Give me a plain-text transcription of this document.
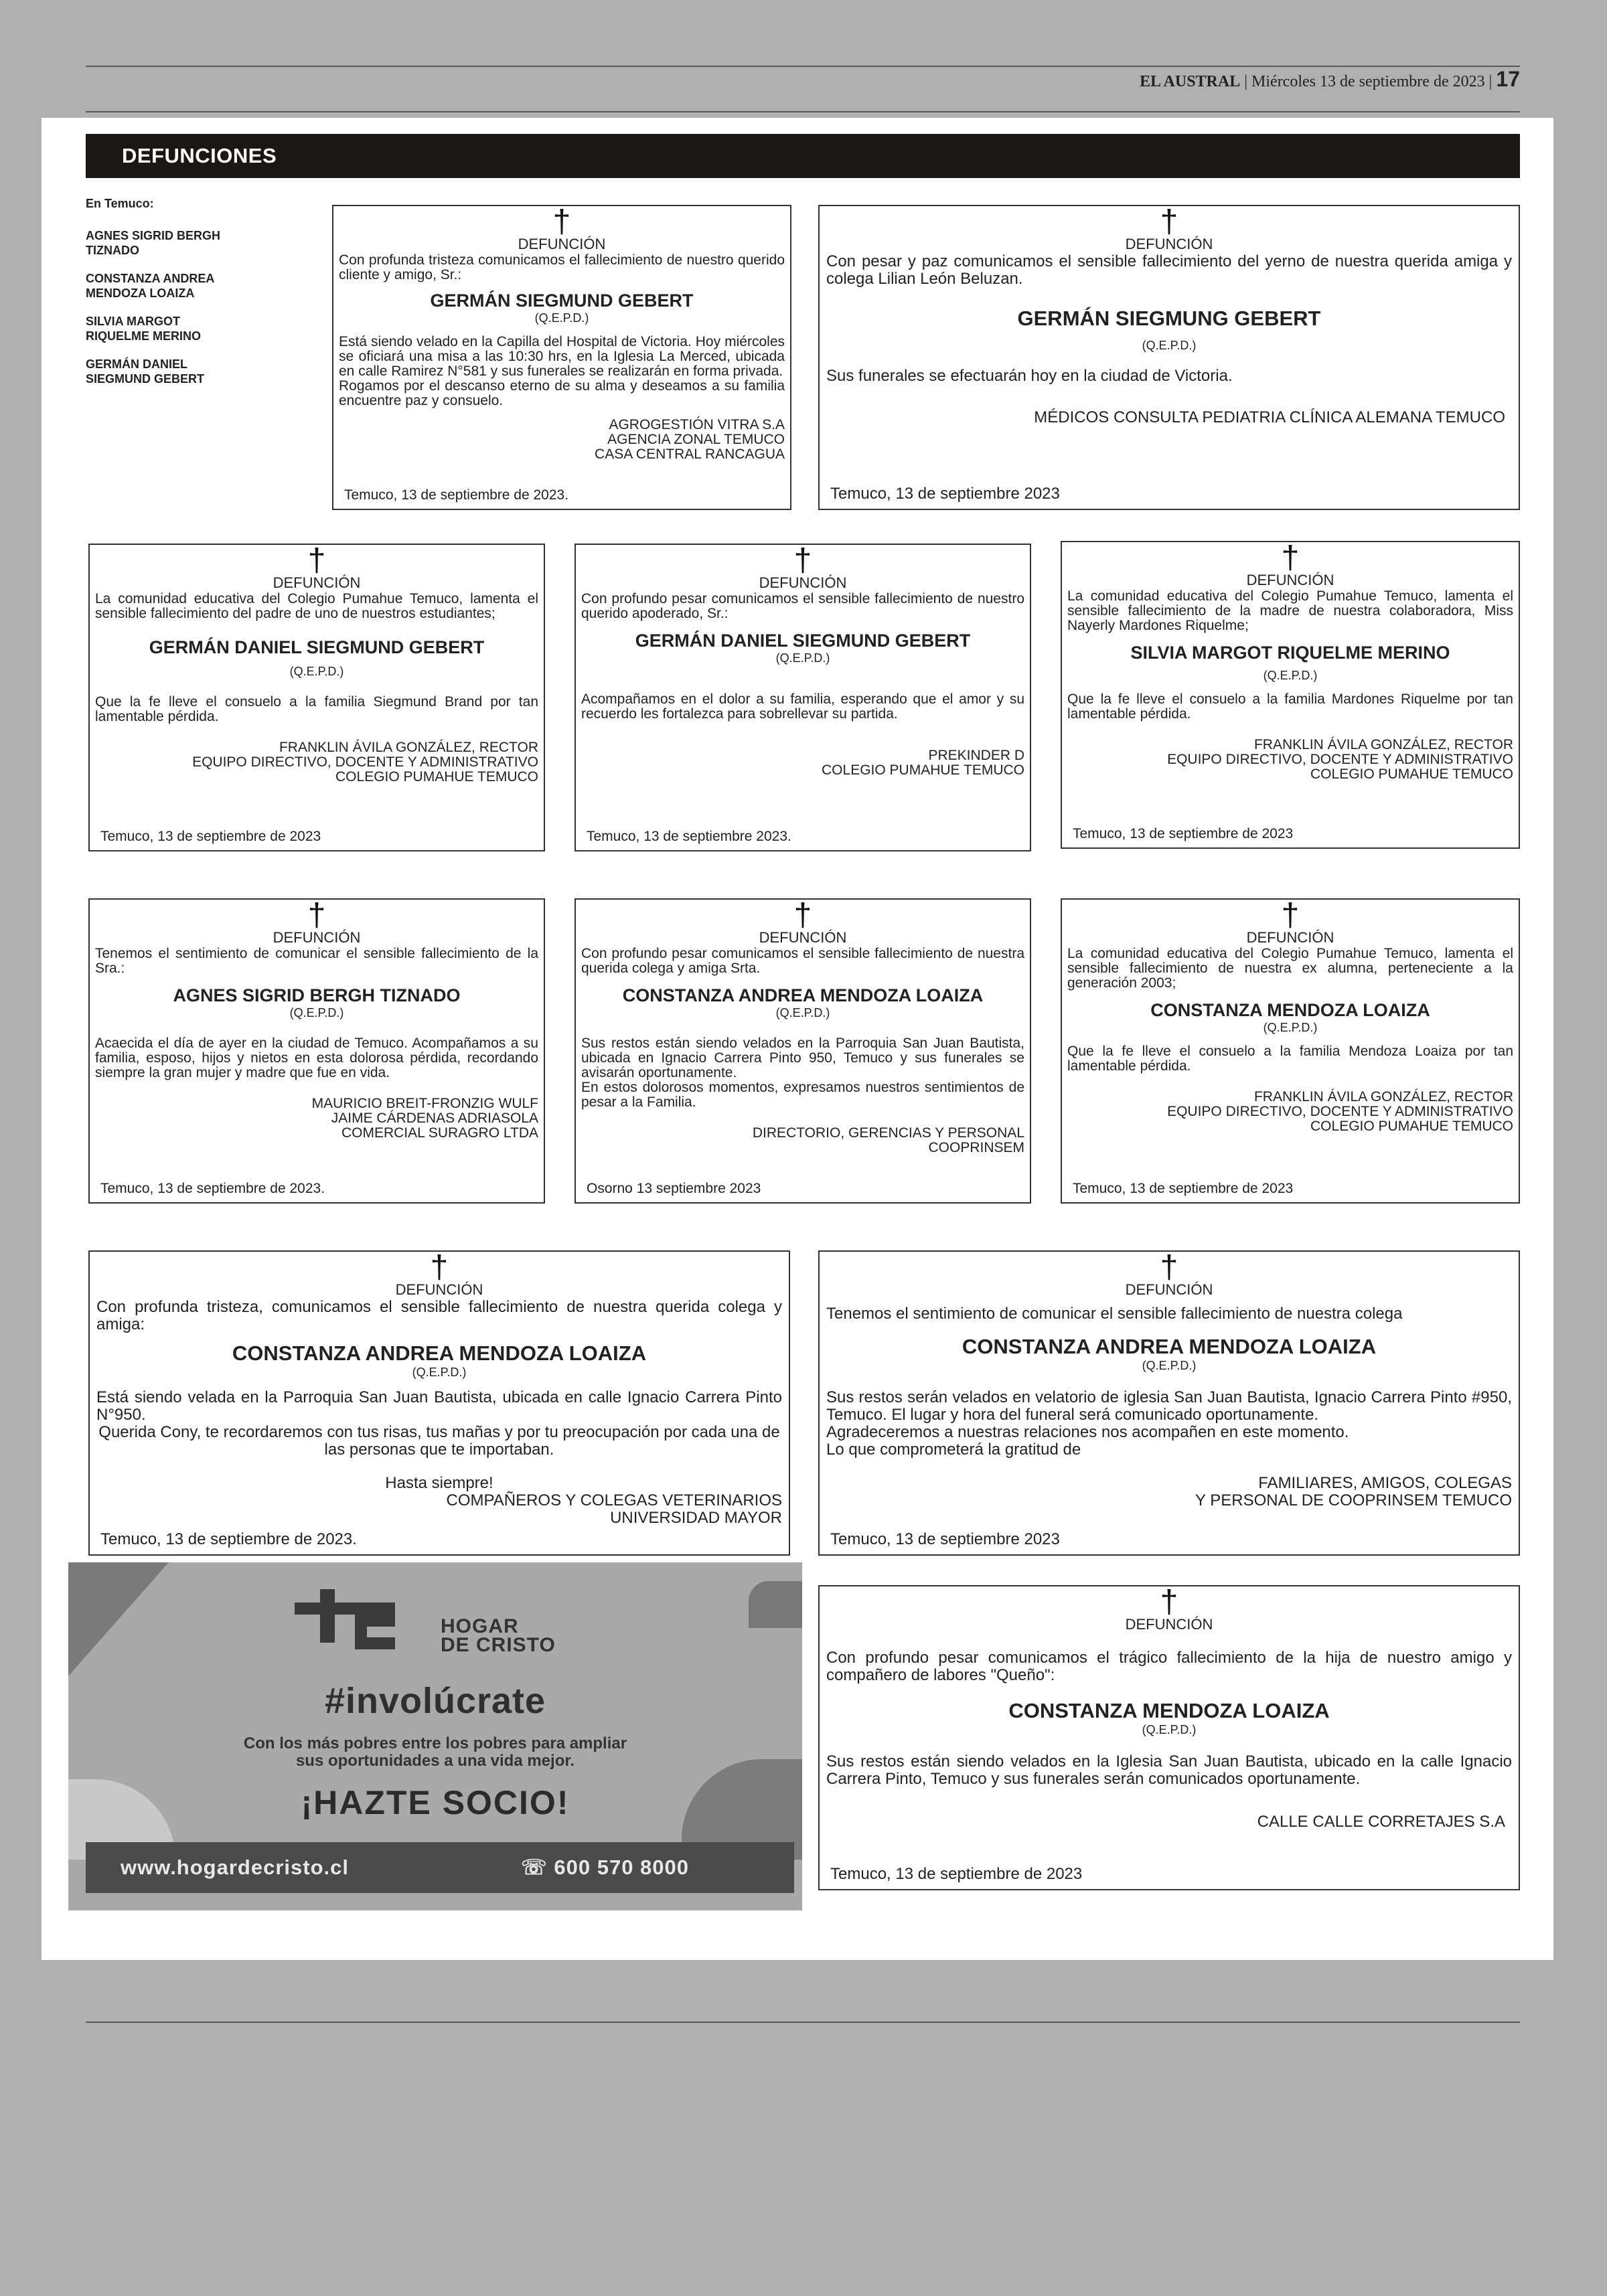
EL AUSTRAL | Miércoles 13 de septiembre de 2023 | 17
DEFUNCIONES
En Temuco:
AGNES SIGRID BERGH TIZNADO
CONSTANZA ANDREA MENDOZA LOAIZA
SILVIA MARGOT RIQUELME MERINO
GERMÁN DANIEL SIEGMUND GEBERT
†
DEFUNCIÓN
Con profunda tristeza comunicamos el fallecimiento de nuestro querido cliente y amigo, Sr.:
GERMÁN SIEGMUND GEBERT
(Q.E.P.D.)
Está siendo velado en la Capilla del Hospital de Victoria. Hoy miércoles se oficiará una misa a las 10:30 hrs, en la Iglesia La Merced, ubicada en calle Ramirez N°581 y sus funerales se realizarán en forma privada.
Rogamos por el descanso eterno de su alma y deseamos a su familia encuentre paz y consuelo.
AGROGESTIÓN VITRA S.A
AGENCIA ZONAL TEMUCO
CASA CENTRAL RANCAGUA
Temuco, 13 de septiembre de 2023.
†
DEFUNCIÓN
Con pesar y paz comunicamos el sensible fallecimiento del yerno de nuestra querida amiga y colega Lilian León Beluzan.
GERMÁN SIEGMUNG GEBERT
(Q.E.P.D.)
Sus funerales se efectuarán hoy en la ciudad de Victoria.
MÉDICOS CONSULTA PEDIATRIA CLÍNICA ALEMANA TEMUCO
Temuco, 13 de septiembre 2023
†
DEFUNCIÓN
La comunidad educativa del Colegio Pumahue Temuco, lamenta el sensible fallecimiento del padre de uno de nuestros estudiantes;
GERMÁN DANIEL SIEGMUND GEBERT
(Q.E.P.D.)
Que la fe lleve el consuelo a la familia Siegmund Brand por tan lamentable pérdida.
FRANKLIN ÁVILA GONZÁLEZ, RECTOR
EQUIPO DIRECTIVO, DOCENTE Y ADMINISTRATIVO
COLEGIO PUMAHUE TEMUCO
Temuco, 13 de septiembre de 2023
†
DEFUNCIÓN
Con profundo pesar comunicamos el sensible fallecimiento de nuestro querido apoderado, Sr.:
GERMÁN DANIEL SIEGMUND GEBERT
(Q.E.P.D.)
Acompañamos en el dolor a su familia, esperando que el amor y su recuerdo les fortalezca para sobrellevar su partida.
PREKINDER D
COLEGIO PUMAHUE TEMUCO
Temuco, 13 de septiembre 2023.
†
DEFUNCIÓN
La comunidad educativa del Colegio Pumahue Temuco, lamenta el sensible fallecimiento de la madre de nuestra colaboradora, Miss Nayerly Mardones Riquelme;
SILVIA MARGOT RIQUELME MERINO
(Q.E.P.D.)
Que la fe lleve el consuelo a la familia Mardones Riquelme por tan lamentable pérdida.
FRANKLIN ÁVILA GONZÁLEZ, RECTOR
EQUIPO DIRECTIVO, DOCENTE Y ADMINISTRATIVO
COLEGIO PUMAHUE TEMUCO
Temuco, 13 de septiembre de 2023
†
DEFUNCIÓN
Tenemos el sentimiento de comunicar el sensible fallecimiento de la Sra.:
AGNES SIGRID BERGH TIZNADO
(Q.E.P.D.)
Acaecida el día de ayer en la ciudad de Temuco. Acompañamos a su familia, esposo, hijos y nietos en esta dolorosa pérdida, recordando siempre la gran mujer y madre que fue en vida.
MAURICIO BREIT-FRONZIG WULF
JAIME CÁRDENAS ADRIASOLA
COMERCIAL SURAGRO LTDA
Temuco, 13 de septiembre de 2023.
†
DEFUNCIÓN
Con profundo pesar comunicamos el sensible fallecimiento de nuestra querida colega y amiga Srta.
CONSTANZA ANDREA MENDOZA LOAIZA
(Q.E.P.D.)
Sus restos están siendo velados en la Parroquia San Juan Bautista, ubicada en Ignacio Carrera Pinto 950, Temuco y sus funerales se avisarán oportunamente.
En estos dolorosos momentos, expresamos nuestros sentimientos de pesar a la Familia.
DIRECTORIO, GERENCIAS Y PERSONAL
COOPRINSEM
Osorno 13 septiembre 2023
†
DEFUNCIÓN
La comunidad educativa del Colegio Pumahue Temuco, lamenta el sensible fallecimiento de nuestra ex alumna, perteneciente a la generación 2003;
CONSTANZA MENDOZA LOAIZA
(Q.E.P.D.)
Que la fe lleve el consuelo a la familia Mendoza Loaiza por tan lamentable pérdida.
FRANKLIN ÁVILA GONZÁLEZ, RECTOR
EQUIPO DIRECTIVO, DOCENTE Y ADMINISTRATIVO
COLEGIO PUMAHUE TEMUCO
Temuco, 13 de septiembre de 2023
†
DEFUNCIÓN
Con profunda tristeza, comunicamos el sensible fallecimiento de nuestra querida colega y amiga:
CONSTANZA ANDREA MENDOZA LOAIZA
(Q.E.P.D.)
Está siendo velada en la Parroquia San Juan Bautista, ubicada en calle Ignacio Carrera Pinto N°950.
Querida Cony, te recordaremos con tus risas, tus mañas y por tu preocupación por cada una de las personas que te importaban.
Hasta siempre!
COMPAÑEROS Y COLEGAS VETERINARIOS
UNIVERSIDAD MAYOR
Temuco, 13 de septiembre de 2023.
†
DEFUNCIÓN
Tenemos el sentimiento de comunicar el sensible fallecimiento de nuestra colega
CONSTANZA ANDREA MENDOZA LOAIZA
(Q.E.P.D.)
Sus restos serán velados en velatorio de iglesia San Juan Bautista, Ignacio Carrera Pinto #950, Temuco. El lugar y hora del funeral será comunicado oportunamente.
Agradeceremos a nuestras relaciones nos acompañen en este momento.
Lo que comprometerá la gratitud de
FAMILIARES, AMIGOS, COLEGAS
Y PERSONAL DE COOPRINSEM TEMUCO
Temuco, 13 de septiembre 2023
HOGAR
DE CRISTO
#involúcrate
Con los más pobres entre los pobres para ampliar
sus oportunidades a una vida mejor.
¡HAZTE SOCIO!
www.hogardecristo.cl	☏ 600 570 8000
†
DEFUNCIÓN
Con profundo pesar comunicamos el trágico fallecimiento de la hija de nuestro amigo y compañero de labores "Queño":
CONSTANZA MENDOZA LOAIZA
(Q.E.P.D.)
Sus restos están siendo velados en la Iglesia San Juan Bautista, ubicado en la calle Ignacio Carrera Pinto, Temuco y sus funerales serán comunicados oportunamente.
CALLE CALLE CORRETAJES S.A
Temuco, 13 de septiembre de 2023
